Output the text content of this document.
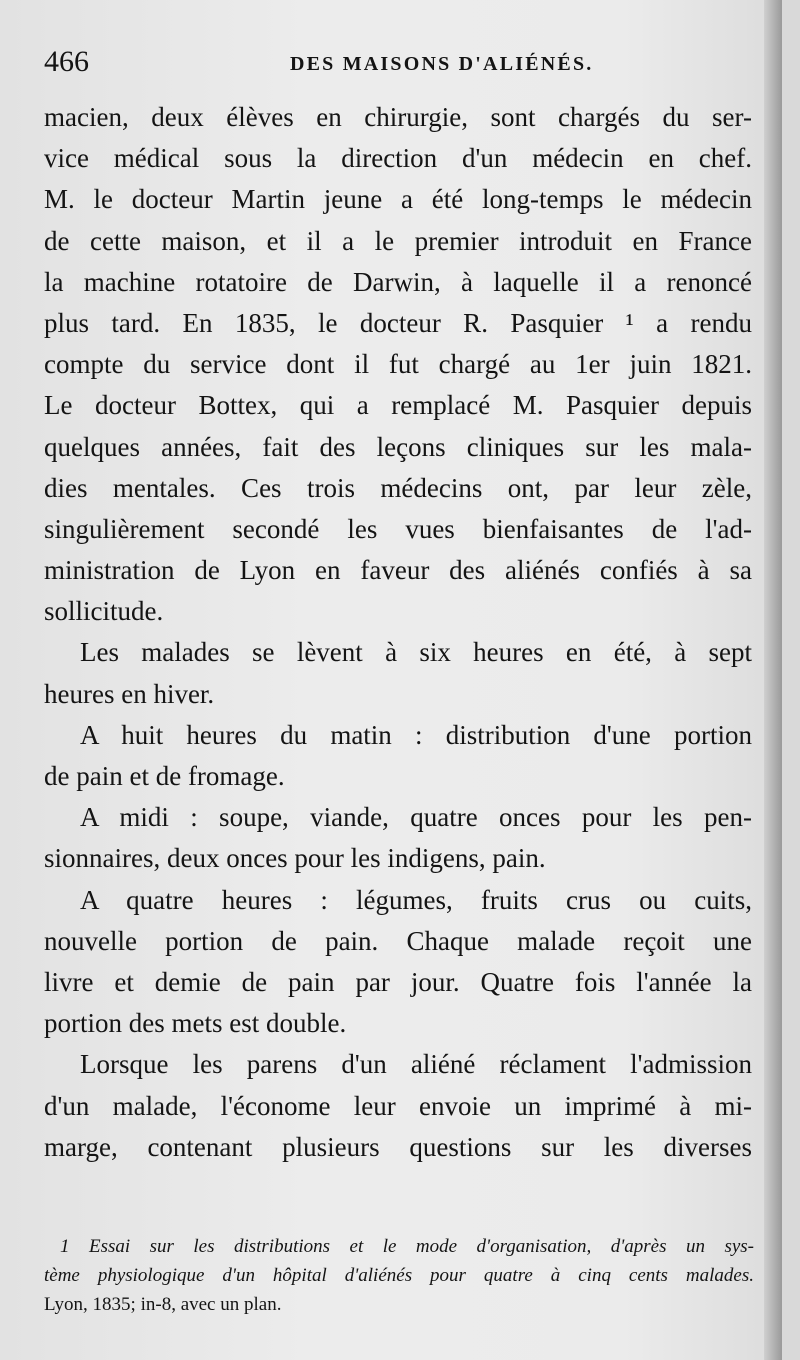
466	DES MAISONS D'ALIÉNÉS.
macien, deux élèves en chirurgie, sont chargés du ser-
vice médical sous la direction d'un médecin en chef.
M. le docteur Martin jeune a été long-temps le médecin
de cette maison, et il a le premier introduit en France
la machine rotatoire de Darwin, à laquelle il a renoncé
plus tard. En 1835, le docteur R. Pasquier ¹ a rendu
compte du service dont il fut chargé au 1er juin 1821.
Le docteur Bottex, qui a remplacé M. Pasquier depuis
quelques années, fait des leçons cliniques sur les mala-
dies mentales. Ces trois médecins ont, par leur zèle,
singulièrement secondé les vues bienfaisantes de l'ad-
ministration de Lyon en faveur des aliénés confiés à sa
sollicitude.
Les malades se lèvent à six heures en été, à sept
heures en hiver.
A huit heures du matin : distribution d'une portion
de pain et de fromage.
A midi : soupe, viande, quatre onces pour les pen-
sionnaires, deux onces pour les indigens, pain.
A quatre heures : légumes, fruits crus ou cuits,
nouvelle portion de pain. Chaque malade reçoit une
livre et demie de pain par jour. Quatre fois l'année la
portion des mets est double.
Lorsque les parens d'un aliéné réclament l'admission
d'un malade, l'économe leur envoie un imprimé à mi-
marge, contenant plusieurs questions sur les diverses
1 Essai sur les distributions et le mode d'organisation, d'après un sys-
tème physiologique d'un hôpital d'aliénés pour quatre à cinq cents malades.
Lyon, 1835; in-8, avec un plan.
